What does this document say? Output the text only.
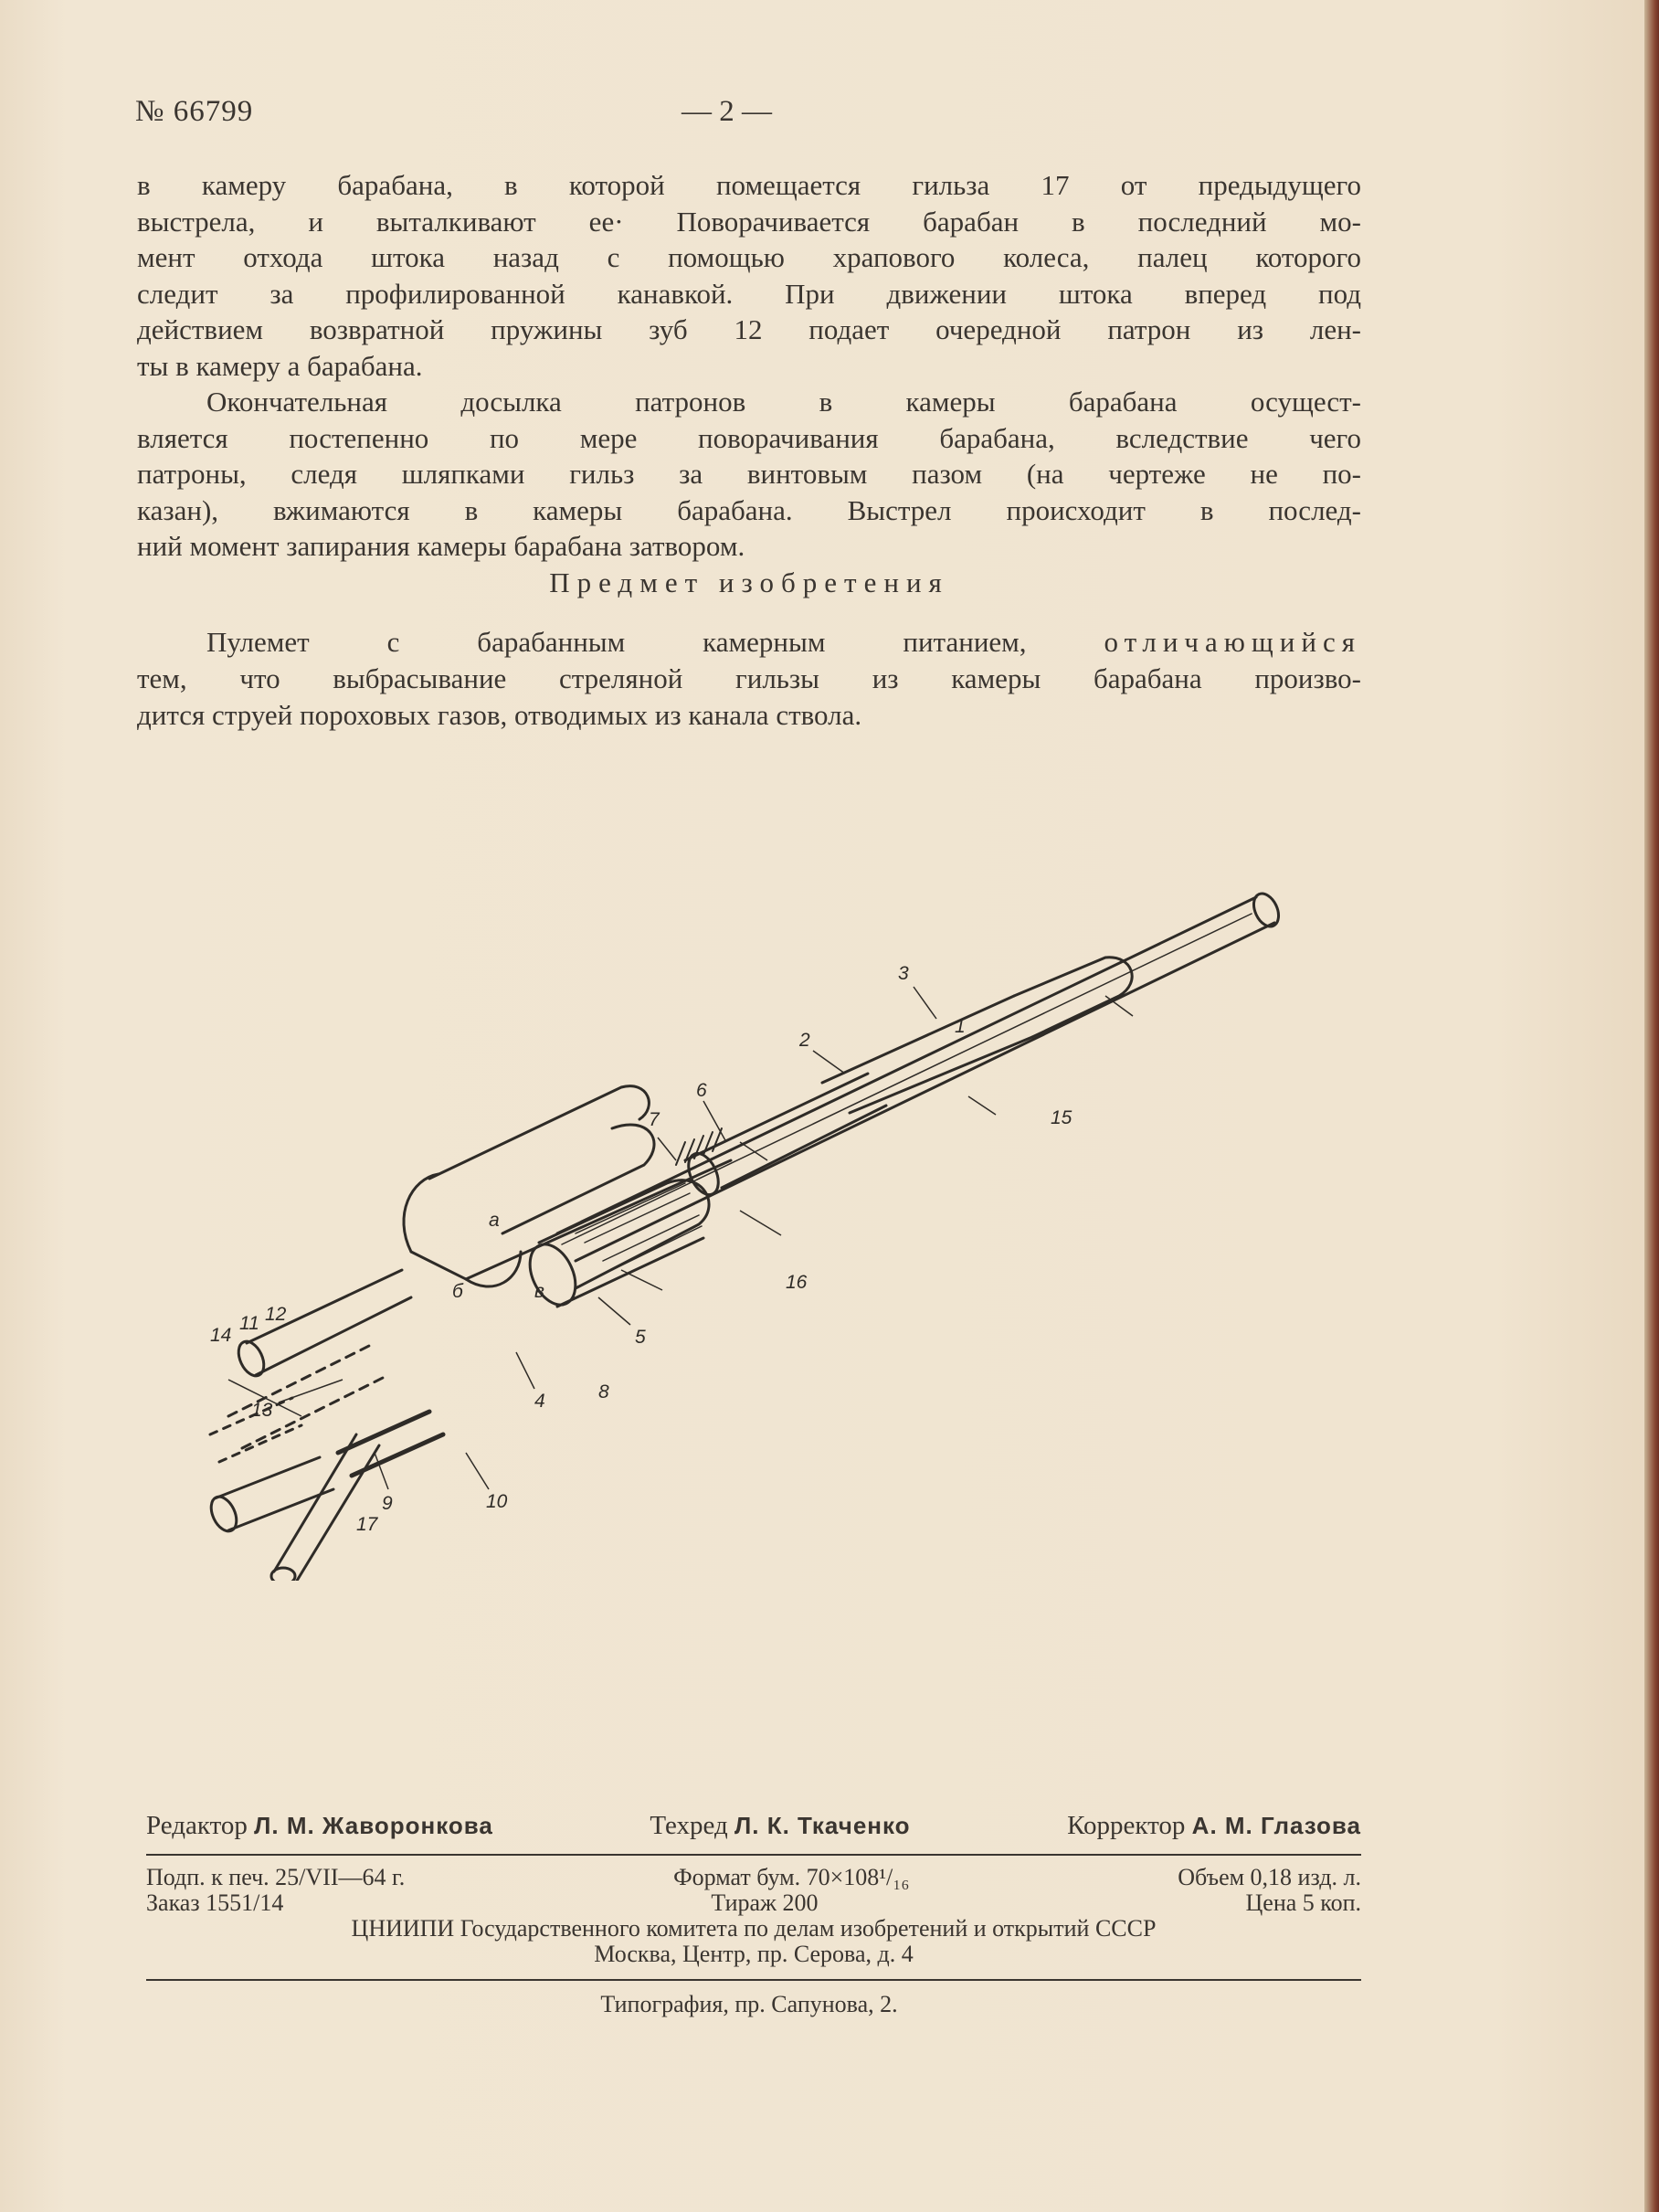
№ 66799	— 2 —
в камеру барабана, в которой помещается гильза 17 от предыдущего
выстрела, и выталкивают ее· Поворачивается барабан в последний мо-
мент отхода штока назад с помощью храпового колеса, палец которого
следит за профилированной канавкой. При движении штока вперед под
действием возвратной пружины зуб 12 подает очередной патрон из лен-
ты в камеру а барабана.
Окончательная досылка патронов в камеры барабана осущест-
вляется постепенно по мере поворачивания барабана, вследствие чего
патроны, следя шляпками гильз за винтовым пазом (на чертеже не по-
казан), вжимаются в камеры барабана. Выстрел происходит в послед-
ний момент запирания камеры барабана затвором.
Предмет изобретения
Пулемет с барабанным камерным питанием,	отличающийся
тем, что выбрасывание стреляной гильзы из камеры барабана произво-
дится струей пороховых газов, отводимых из канала ствола.
1
2
3
4
5
6
7
8
9	10
11 12
13
14
15
16
17
a
б	в
Редактор Л. М. Жаворонкова	Техред Л. К. Ткаченко	Корректор А. М. Глазова
Подп. к печ. 25/VII—64 г.	Формат бум. 70×108¹/₁₆	Объем 0,18 изд. л.
Заказ 1551/14	Тираж 200	Цена 5 коп.
ЦНИИПИ Государственного комитета по делам изобретений и открытий СССР
Москва, Центр, пр. Серова, д. 4
Типография, пр. Сапунова, 2.
